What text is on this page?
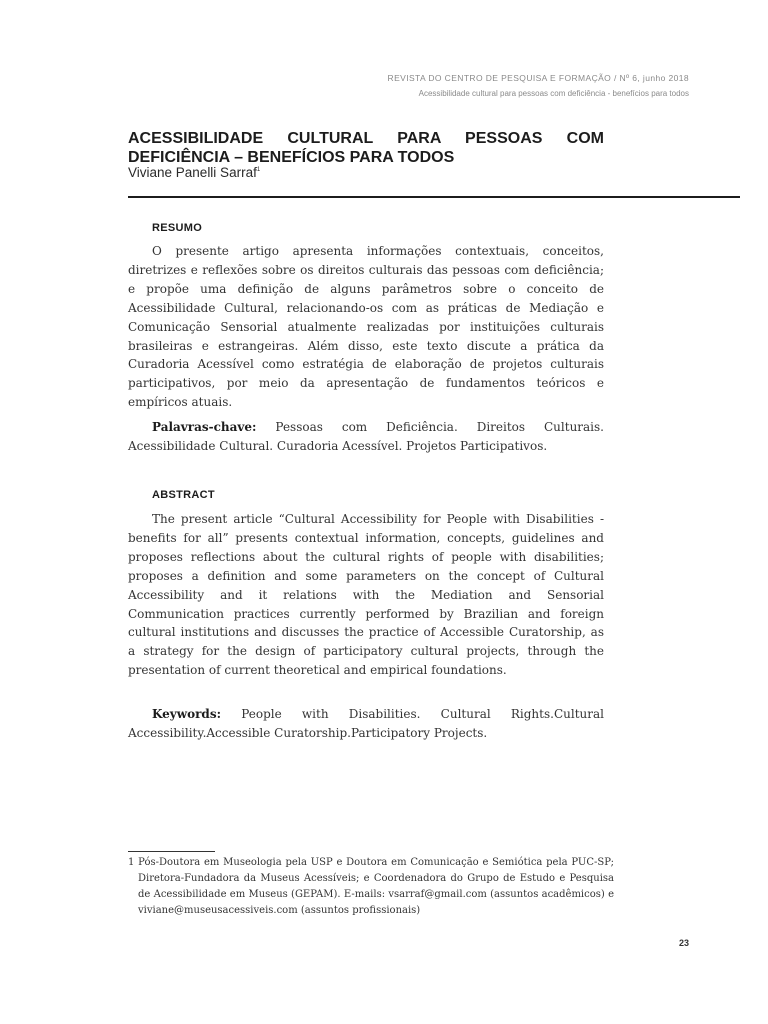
REVISTA DO CENTRO DE PESQUISA E FORMAÇÃO / Nº 6, junho 2018
Acessibilidade cultural para pessoas com deficiência - benefícios para todos
ACESSIBILIDADE CULTURAL PARA PESSOAS COM DEFICIÊNCIA – BENEFÍCIOS PARA TODOS
Viviane Panelli Sarraf$^1$
RESUMO

O presente artigo apresenta informações contextuais, conceitos, diretrizes e reflexões sobre os direitos culturais das pessoas com deficiência; e propõe uma definição de alguns parâmetros sobre o conceito de Acessibilidade Cultural, relacionando-os com as práticas de Mediação e Comunicação Sensorial atualmente realizadas por instituições culturais brasileiras e estrangeiras. Além disso, este texto discute a prática da Curadoria Acessível como estratégia de elaboração de projetos culturais participativos, por meio da apresentação de fundamentos teóricos e empíricos atuais.

Palavras-chave: Pessoas com Deficiência. Direitos Culturais. Acessibilidade Cultural. Curadoria Acessível. Projetos Participativos.

ABSTRACT

The present article “Cultural Accessibility for People with Disabilities - benefits for all” presents contextual information, concepts, guidelines and proposes reflections about the cultural rights of people with disabilities; proposes a definition and some parameters on the concept of Cultural Accessibility and it relations with the Mediation and Sensorial Communication practices currently performed by Brazilian and foreign cultural institutions and discusses the practice of Accessible Curatorship, as a strategy for the design of participatory cultural projects, through the presentation of current theoretical and empirical foundations.

Keywords: People with Disabilities. Cultural Rights.Cultural Accessibility.Accessible Curatorship.Participatory Projects.

1 Pós-Doutora em Museologia pela USP e Doutora em Comunicação e Semiótica pela PUC-SP; Diretora-Fundadora da Museus Acessíveis; e Coordenadora do Grupo de Estudo e Pesquisa de Acessibilidade em Museus (GEPAM). E-mails: vsarraf@gmail.com (assuntos acadêmicos) e viviane@museusacessiveis.com (assuntos profissionais)

23
